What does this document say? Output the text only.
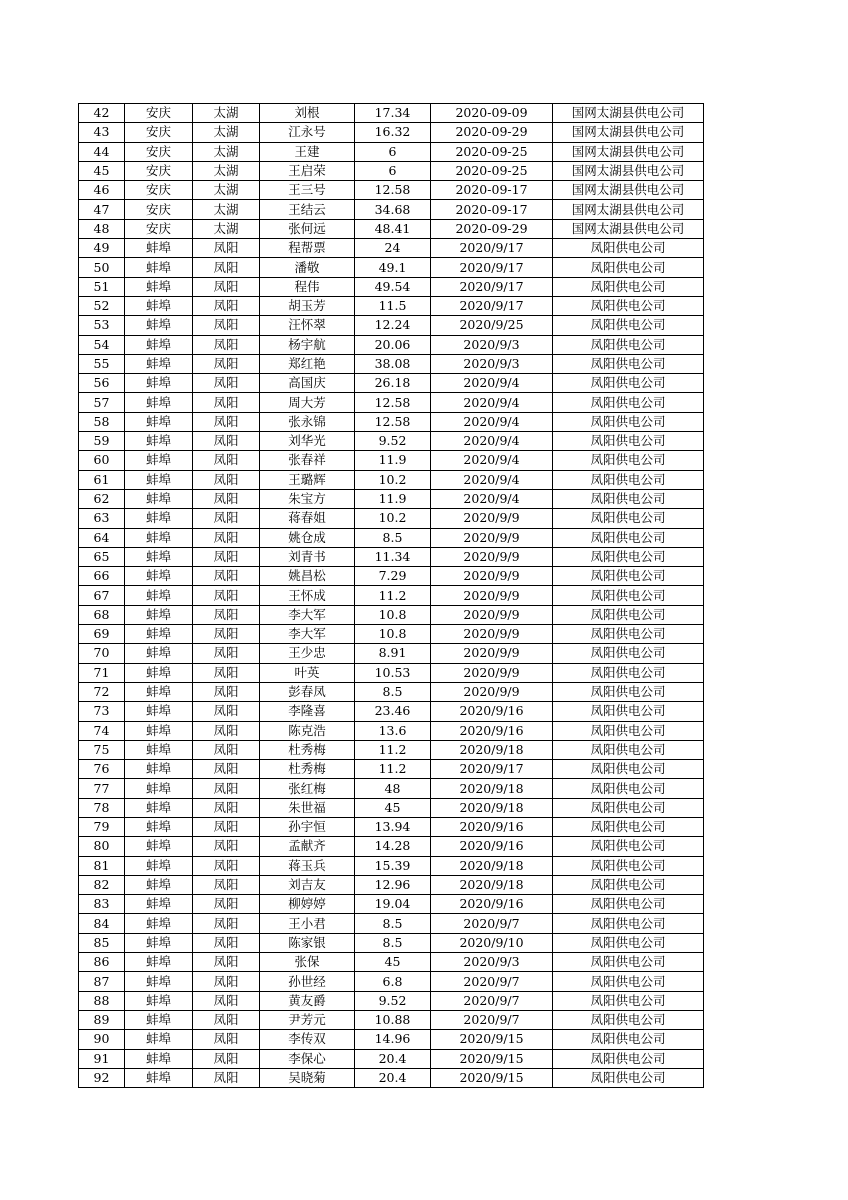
42	安庆	太湖	刘根	17.34	2020-09-09	国网太湖县供电公司
43	安庆	太湖	江永号	16.32	2020-09-29	国网太湖县供电公司
44	安庆	太湖	王建	6	2020-09-25	国网太湖县供电公司
45	安庆	太湖	王启荣	6	2020-09-25	国网太湖县供电公司
46	安庆	太湖	王三号	12.58	2020-09-17	国网太湖县供电公司
47	安庆	太湖	王结云	34.68	2020-09-17	国网太湖县供电公司
48	安庆	太湖	张何远	48.41	2020-09-29	国网太湖县供电公司
49	蚌埠	凤阳	程帮票	24	2020/9/17	凤阳供电公司
50	蚌埠	凤阳	潘敬	49.1	2020/9/17	凤阳供电公司
51	蚌埠	凤阳	程伟	49.54	2020/9/17	凤阳供电公司
52	蚌埠	凤阳	胡玉芳	11.5	2020/9/17	凤阳供电公司
53	蚌埠	凤阳	汪怀翠	12.24	2020/9/25	凤阳供电公司
54	蚌埠	凤阳	杨宇航	20.06	2020/9/3	凤阳供电公司
55	蚌埠	凤阳	郑红艳	38.08	2020/9/3	凤阳供电公司
56	蚌埠	凤阳	高国庆	26.18	2020/9/4	凤阳供电公司
57	蚌埠	凤阳	周大芳	12.58	2020/9/4	凤阳供电公司
58	蚌埠	凤阳	张永锦	12.58	2020/9/4	凤阳供电公司
59	蚌埠	凤阳	刘华光	9.52	2020/9/4	凤阳供电公司
60	蚌埠	凤阳	张春祥	11.9	2020/9/4	凤阳供电公司
61	蚌埠	凤阳	王璐辉	10.2	2020/9/4	凤阳供电公司
62	蚌埠	凤阳	朱宝方	11.9	2020/9/4	凤阳供电公司
63	蚌埠	凤阳	蒋春姐	10.2	2020/9/9	凤阳供电公司
64	蚌埠	凤阳	姚仓成	8.5	2020/9/9	凤阳供电公司
65	蚌埠	凤阳	刘青书	11.34	2020/9/9	凤阳供电公司
66	蚌埠	凤阳	姚昌松	7.29	2020/9/9	凤阳供电公司
67	蚌埠	凤阳	王怀成	11.2	2020/9/9	凤阳供电公司
68	蚌埠	凤阳	李大军	10.8	2020/9/9	凤阳供电公司
69	蚌埠	凤阳	李大军	10.8	2020/9/9	凤阳供电公司
70	蚌埠	凤阳	王少忠	8.91	2020/9/9	凤阳供电公司
71	蚌埠	凤阳	叶英	10.53	2020/9/9	凤阳供电公司
72	蚌埠	凤阳	彭春凤	8.5	2020/9/9	凤阳供电公司
73	蚌埠	凤阳	李隆喜	23.46	2020/9/16	凤阳供电公司
74	蚌埠	凤阳	陈克浩	13.6	2020/9/16	凤阳供电公司
75	蚌埠	凤阳	杜秀梅	11.2	2020/9/18	凤阳供电公司
76	蚌埠	凤阳	杜秀梅	11.2	2020/9/17	凤阳供电公司
77	蚌埠	凤阳	张红梅	48	2020/9/18	凤阳供电公司
78	蚌埠	凤阳	朱世福	45	2020/9/18	凤阳供电公司
79	蚌埠	凤阳	孙宇恒	13.94	2020/9/16	凤阳供电公司
80	蚌埠	凤阳	孟献齐	14.28	2020/9/16	凤阳供电公司
81	蚌埠	凤阳	蒋玉兵	15.39	2020/9/18	凤阳供电公司
82	蚌埠	凤阳	刘吉友	12.96	2020/9/18	凤阳供电公司
83	蚌埠	凤阳	柳婷婷	19.04	2020/9/16	凤阳供电公司
84	蚌埠	凤阳	王小君	8.5	2020/9/7	凤阳供电公司
85	蚌埠	凤阳	陈家银	8.5	2020/9/10	凤阳供电公司
86	蚌埠	凤阳	张保	45	2020/9/3	凤阳供电公司
87	蚌埠	凤阳	孙世经	6.8	2020/9/7	凤阳供电公司
88	蚌埠	凤阳	黄友爵	9.52	2020/9/7	凤阳供电公司
89	蚌埠	凤阳	尹芳元	10.88	2020/9/7	凤阳供电公司
90	蚌埠	凤阳	李传双	14.96	2020/9/15	凤阳供电公司
91	蚌埠	凤阳	李保心	20.4	2020/9/15	凤阳供电公司
92	蚌埠	凤阳	吴晓菊	20.4	2020/9/15	凤阳供电公司
